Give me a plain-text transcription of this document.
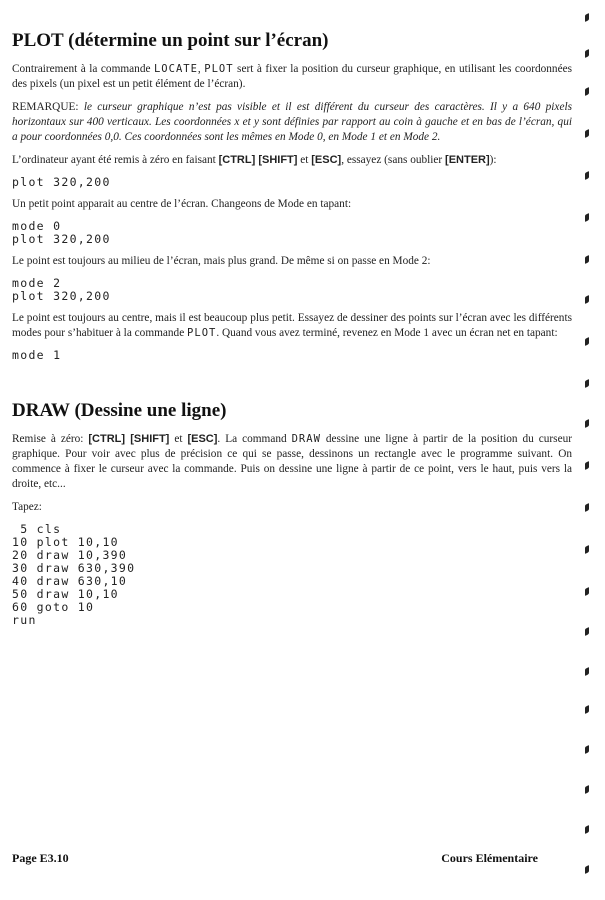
PLOT (détermine un point sur l’écran)

Contrairement à la commande LOCATE, PLOT sert à fixer la position du curseur graphique, en utilisant les coordonnées des pixels (un pixel est un petit élément de l’écran).

REMARQUE: le curseur graphique n’est pas visible et il est différent du curseur des caractères. Il y a 640 pixels horizontaux sur 400 verticaux. Les coordonnées x et y sont définies par rapport au coin à gauche et en bas de l’écran, qui a pour coordonnées 0,0. Ces coordonnées sont les mêmes en Mode 0, en Mode 1 et en Mode 2.

L’ordinateur ayant été remis à zéro en faisant [CTRL] [SHIFT] et [ESC], essayez (sans oublier [ENTER]):

plot 320,200

Un petit point apparait au centre de l’écran. Changeons de Mode en tapant:

mode 0
plot 320,200

Le point est toujours au milieu de l’écran, mais plus grand. De même si on passe en Mode 2:

mode 2
plot 320,200

Le point est toujours au centre, mais il est beaucoup plus petit. Essayez de dessiner des points sur l’écran avec les différents modes pour s’habituer à la commande PLOT. Quand vous avez terminé, revenez en Mode 1 avec un écran net en tapant:

mode 1
DRAW (Dessine une ligne)

Remise à zéro: [CTRL] [SHIFT] et [ESC]. La command DRAW dessine une ligne à partir de la position du curseur graphique. Pour voir avec plus de précision ce qui se passe, dessinons un rectangle avec le programme suivant. On commence à fixer le curseur avec la commande. Puis on dessine une ligne à partir de ce point, vers le haut, puis vers la droite, etc...

Tapez:

5 cls
10 plot 10,10
20 draw 10,390
30 draw 630,390
40 draw 630,10
50 draw 10,10
60 goto 10
run
Page E3.10	Cours Elémentaire
